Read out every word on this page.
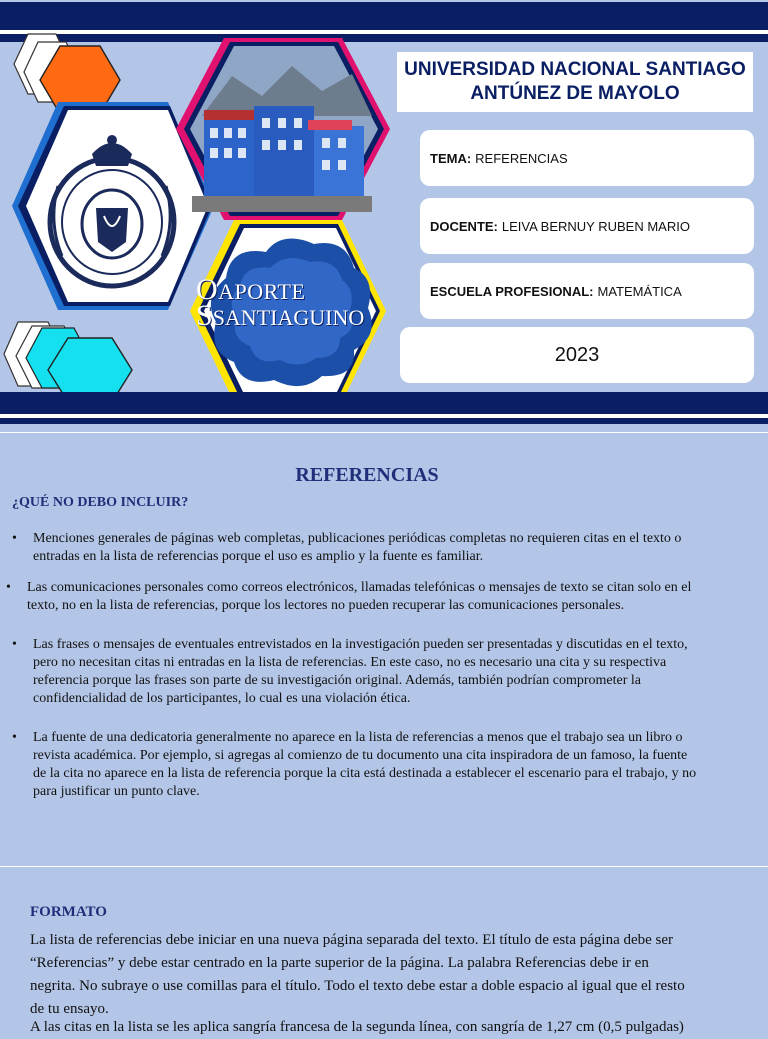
OAPORTE
SSANTIAGUINO
UNIVERSIDAD NACIONAL SANTIAGO
ANTÚNEZ DE MAYOLO
TEMA: REFERENCIAS
DOCENTE: LEIVA BERNUY RUBEN MARIO
ESCUELA PROFESIONAL: MATEMÁTICA
2023
REFERENCIAS
¿QUÉ NO DEBO INCLUIR?
• Menciones generales de páginas web completas, publicaciones periódicas completas no requieren citas en el texto o
entradas en la lista de referencias porque el uso es amplio y la fuente es familiar.
• Las comunicaciones personales como correos electrónicos, llamadas telefónicas o mensajes de texto se citan solo en el
texto, no en la lista de referencias, porque los lectores no pueden recuperar las comunicaciones personales.
• Las frases o mensajes de eventuales entrevistados en la investigación pueden ser presentadas y discutidas en el texto,
pero no necesitan citas ni entradas en la lista de referencias. En este caso, no es necesario una cita y su respectiva
referencia porque las frases son parte de su investigación original. Además, también podrían comprometer la
confidencialidad de los participantes, lo cual es una violación ética.
• La fuente de una dedicatoria generalmente no aparece en la lista de referencias a menos que el trabajo sea un libro o
revista académica. Por ejemplo, si agregas al comienzo de tu documento una cita inspiradora de un famoso, la fuente
de la cita no aparece en la lista de referencia porque la cita está destinada a establecer el escenario para el trabajo, y no
para justificar un punto clave.
FORMATO
La lista de referencias debe iniciar en una nueva página separada del texto. El título de esta página debe ser
“Referencias” y debe estar centrado en la parte superior de la página. La palabra Referencias debe ir en
negrita. No subraye o use comillas para el título. Todo el texto debe estar a doble espacio al igual que el resto
de tu ensayo.
A las citas en la lista se les aplica sangría francesa de la segunda línea, con sangría de 1,27 cm (0,5 pulgadas)
